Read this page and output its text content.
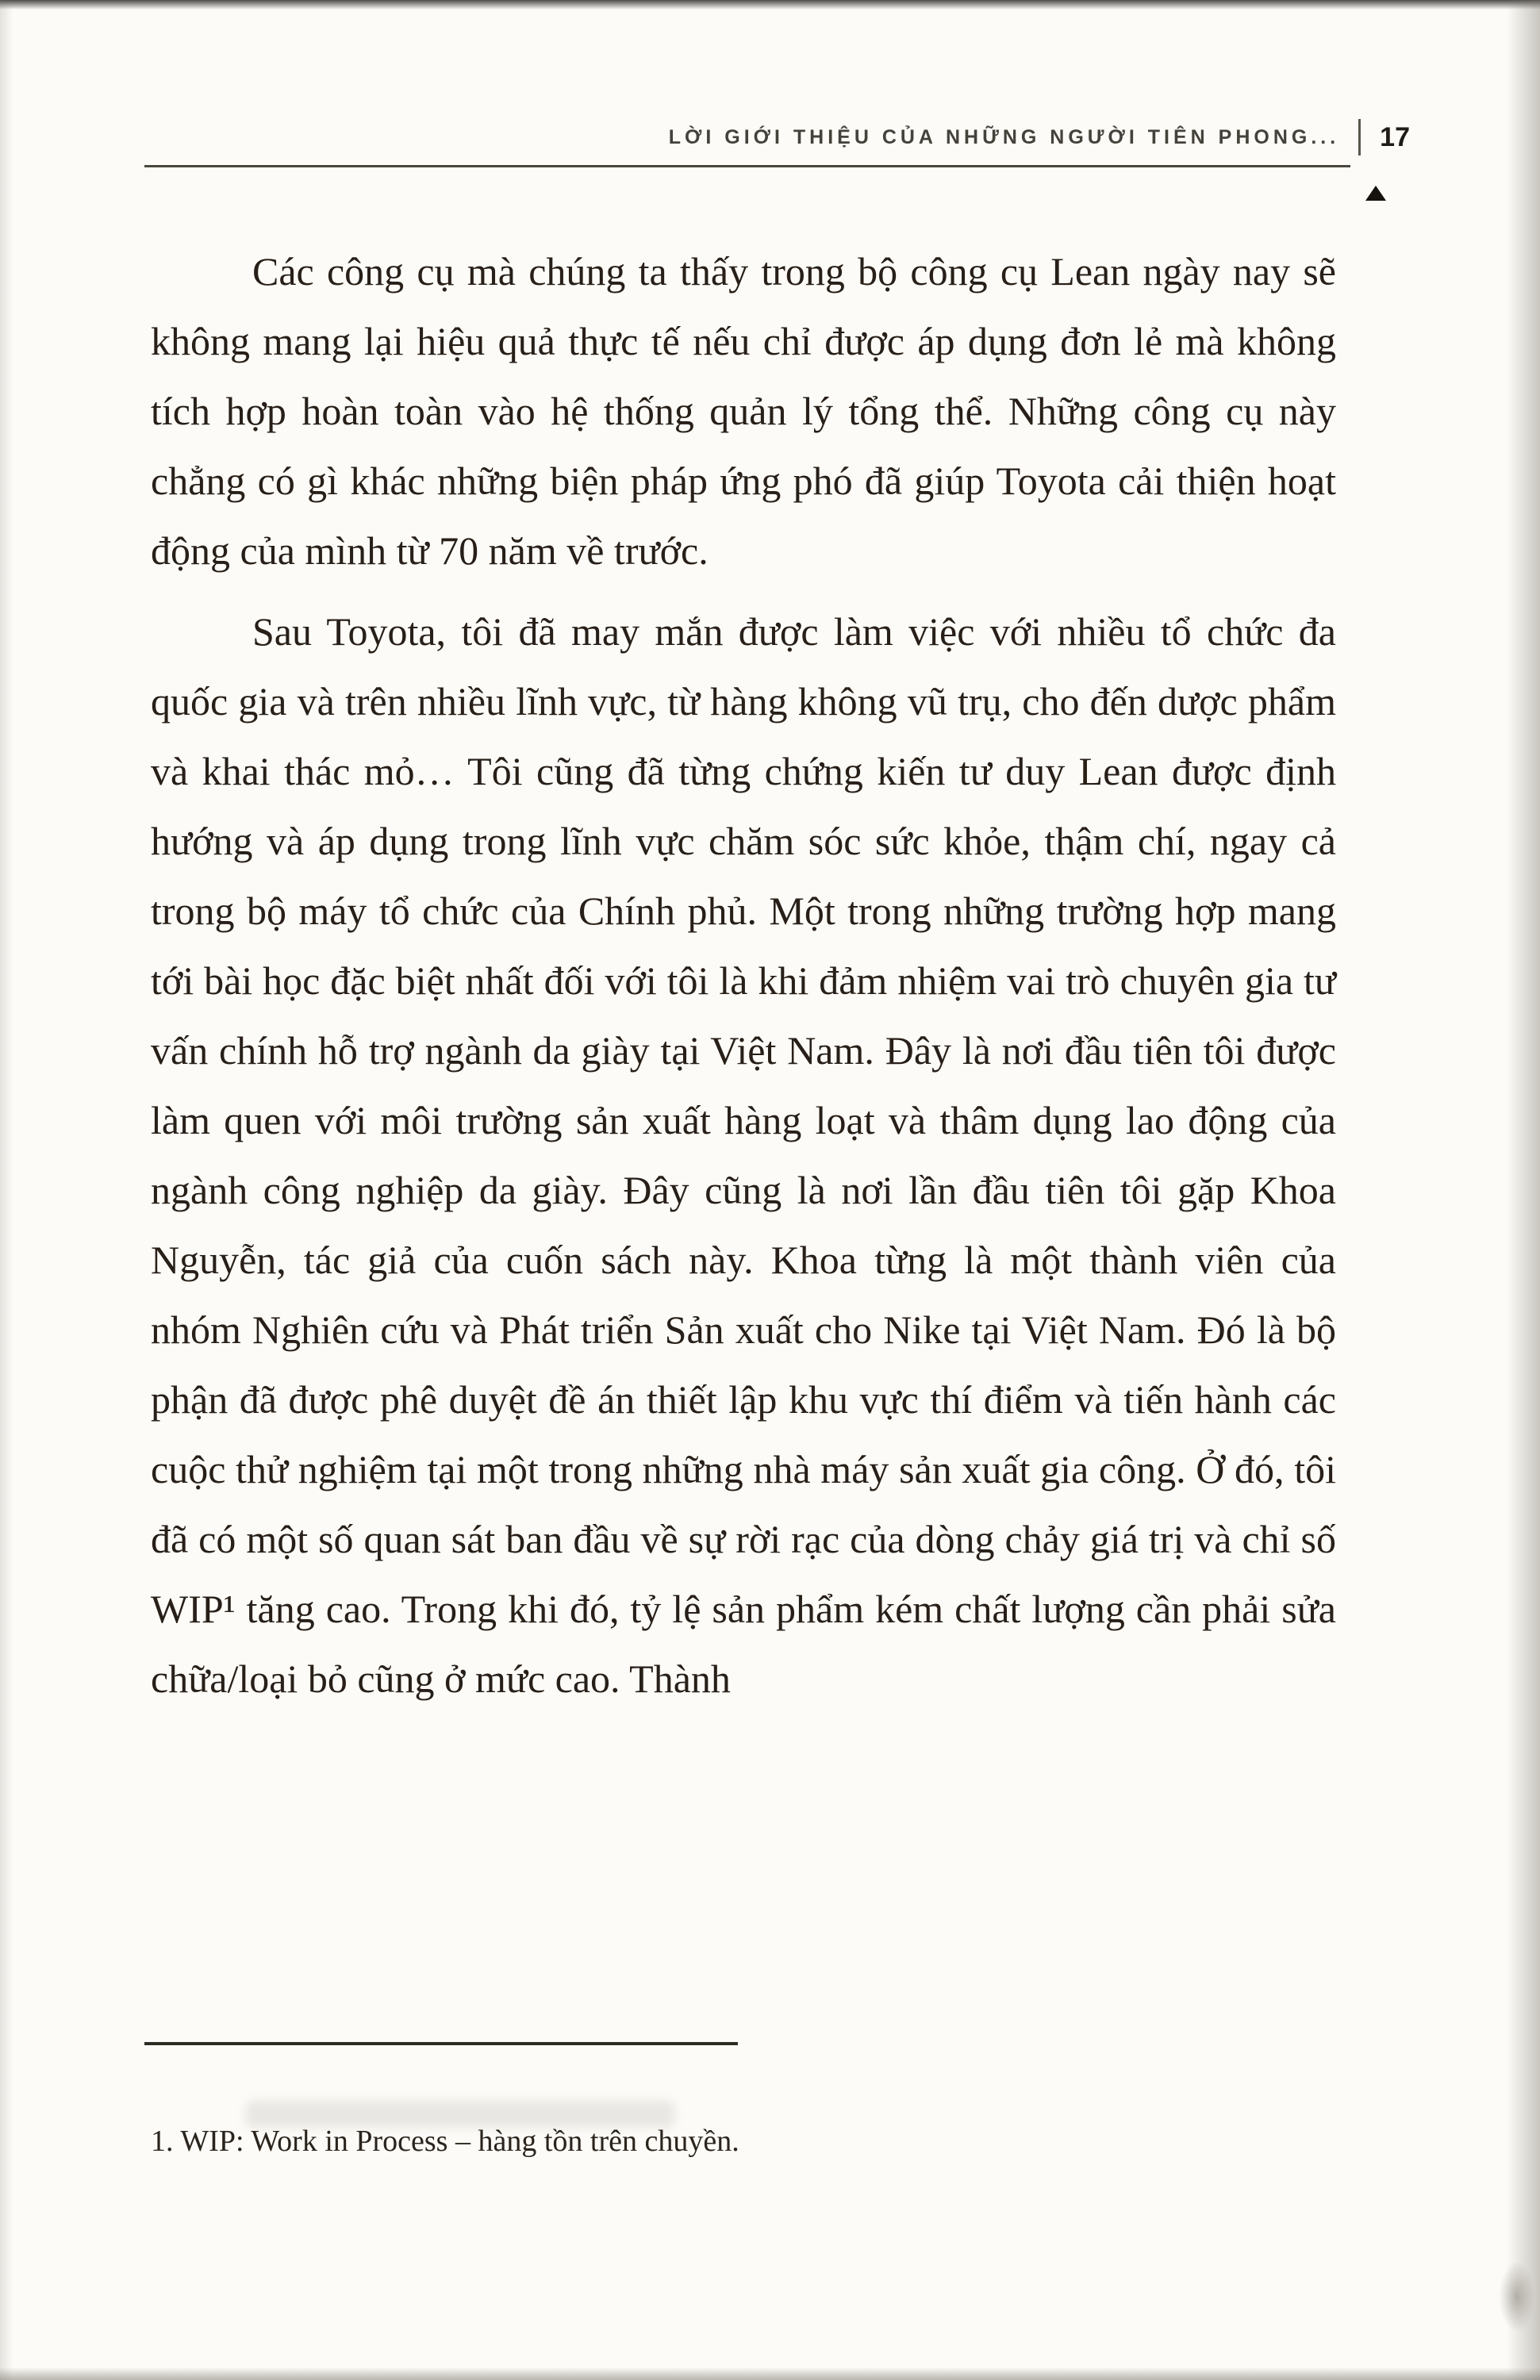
LỜI GIỚI THIỆU CỦA NHỮNG NGƯỜI TIÊN PHONG... 17

Các công cụ mà chúng ta thấy trong bộ công cụ Lean ngày nay sẽ không mang lại hiệu quả thực tế nếu chỉ được áp dụng đơn lẻ mà không tích hợp hoàn toàn vào hệ thống quản lý tổng thể. Những công cụ này chẳng có gì khác những biện pháp ứng phó đã giúp Toyota cải thiện hoạt động của mình từ 70 năm về trước.

Sau Toyota, tôi đã may mắn được làm việc với nhiều tổ chức đa quốc gia và trên nhiều lĩnh vực, từ hàng không vũ trụ, cho đến dược phẩm và khai thác mỏ… Tôi cũng đã từng chứng kiến tư duy Lean được định hướng và áp dụng trong lĩnh vực chăm sóc sức khỏe, thậm chí, ngay cả trong bộ máy tổ chức của Chính phủ. Một trong những trường hợp mang tới bài học đặc biệt nhất đối với tôi là khi đảm nhiệm vai trò chuyên gia tư vấn chính hỗ trợ ngành da giày tại Việt Nam. Đây là nơi đầu tiên tôi được làm quen với môi trường sản xuất hàng loạt và thâm dụng lao động của ngành công nghiệp da giày. Đây cũng là nơi lần đầu tiên tôi gặp Khoa Nguyễn, tác giả của cuốn sách này. Khoa từng là một thành viên của nhóm Nghiên cứu và Phát triển Sản xuất cho Nike tại Việt Nam. Đó là bộ phận đã được phê duyệt đề án thiết lập khu vực thí điểm và tiến hành các cuộc thử nghiệm tại một trong những nhà máy sản xuất gia công. Ở đó, tôi đã có một số quan sát ban đầu về sự rời rạc của dòng chảy giá trị và chỉ số WIP¹ tăng cao. Trong khi đó, tỷ lệ sản phẩm kém chất lượng cần phải sửa chữa/loại bỏ cũng ở mức cao. Thành

1. WIP: Work in Process – hàng tồn trên chuyền.
